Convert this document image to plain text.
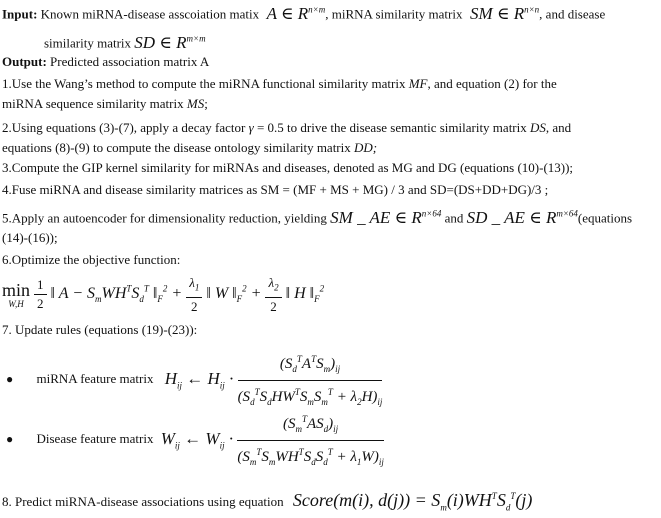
Input: Known miRNA-disease asscoiation matix  A ∈ $R^{n\times m}$, miRNA similarity matrix  SM ∈ $R^{n\times n}$, and disease
similarity matrix SD ∈ $R^{m\times m}$
Output: Predicted association matrix A
1.Use the Wang’s method to compute the miRNA functional similarity matrix MF, and equation (2) for the
miRNA sequence similarity matrix MS;
2.Using equations (3)-(7), apply a decay factor γ = 0.5 to drive the disease semantic similarity matrix DS, and
equations (8)-(9) to compute the disease ontology similarity matrix DD;
3.Compute the GIP kernel similarity for miRNAs and diseases, denoted as MG and DG (equations (10)-(13));
4.Fuse miRNA and disease similarity matrices as SM = (MF + MS + MG) / 3 and SD=(DS+DD+DG)/3 ;
5.Apply an autoencoder for dimensionality reduction, yielding SM _ AE ∈ $R^{n\times 64}$ and SD _ AE ∈ $R^{m\times 64}(equations$
(14)-(16));
6.Optimize the objective function:
min
W,H
$\frac{1}{2}$ ‖ $A - S_mWH^TS_d^T$ $‖_F^2 + \frac{\lambda_1}{2}$ ‖ W $‖_F^2 + \frac{\lambda_2}{2}$ ‖ H $‖_F^2$
7. Update rules (equations (19)-(23)):
● miRNA feature matrix $H_{ij}$ ← $H_{ij} \cdot \frac{(S_d^TA^TS_m)_{ij}}{(S_d^TS_dHW^TS_mS_m^T + \lambda_2H)_{ij}}$
● Disease feature matrix $W_{ij}$ ← $W_{ij} \cdot \frac{(S_m^TAS_d)_{ij}}{(S_m^TS_mWH^TS_dS_d^T + \lambda_1W)_{ij}}$
8. Predict miRNA-disease associations using equation Score(m(i), $d(j)) = S_m(i)WH^TS_d^T(j)$
